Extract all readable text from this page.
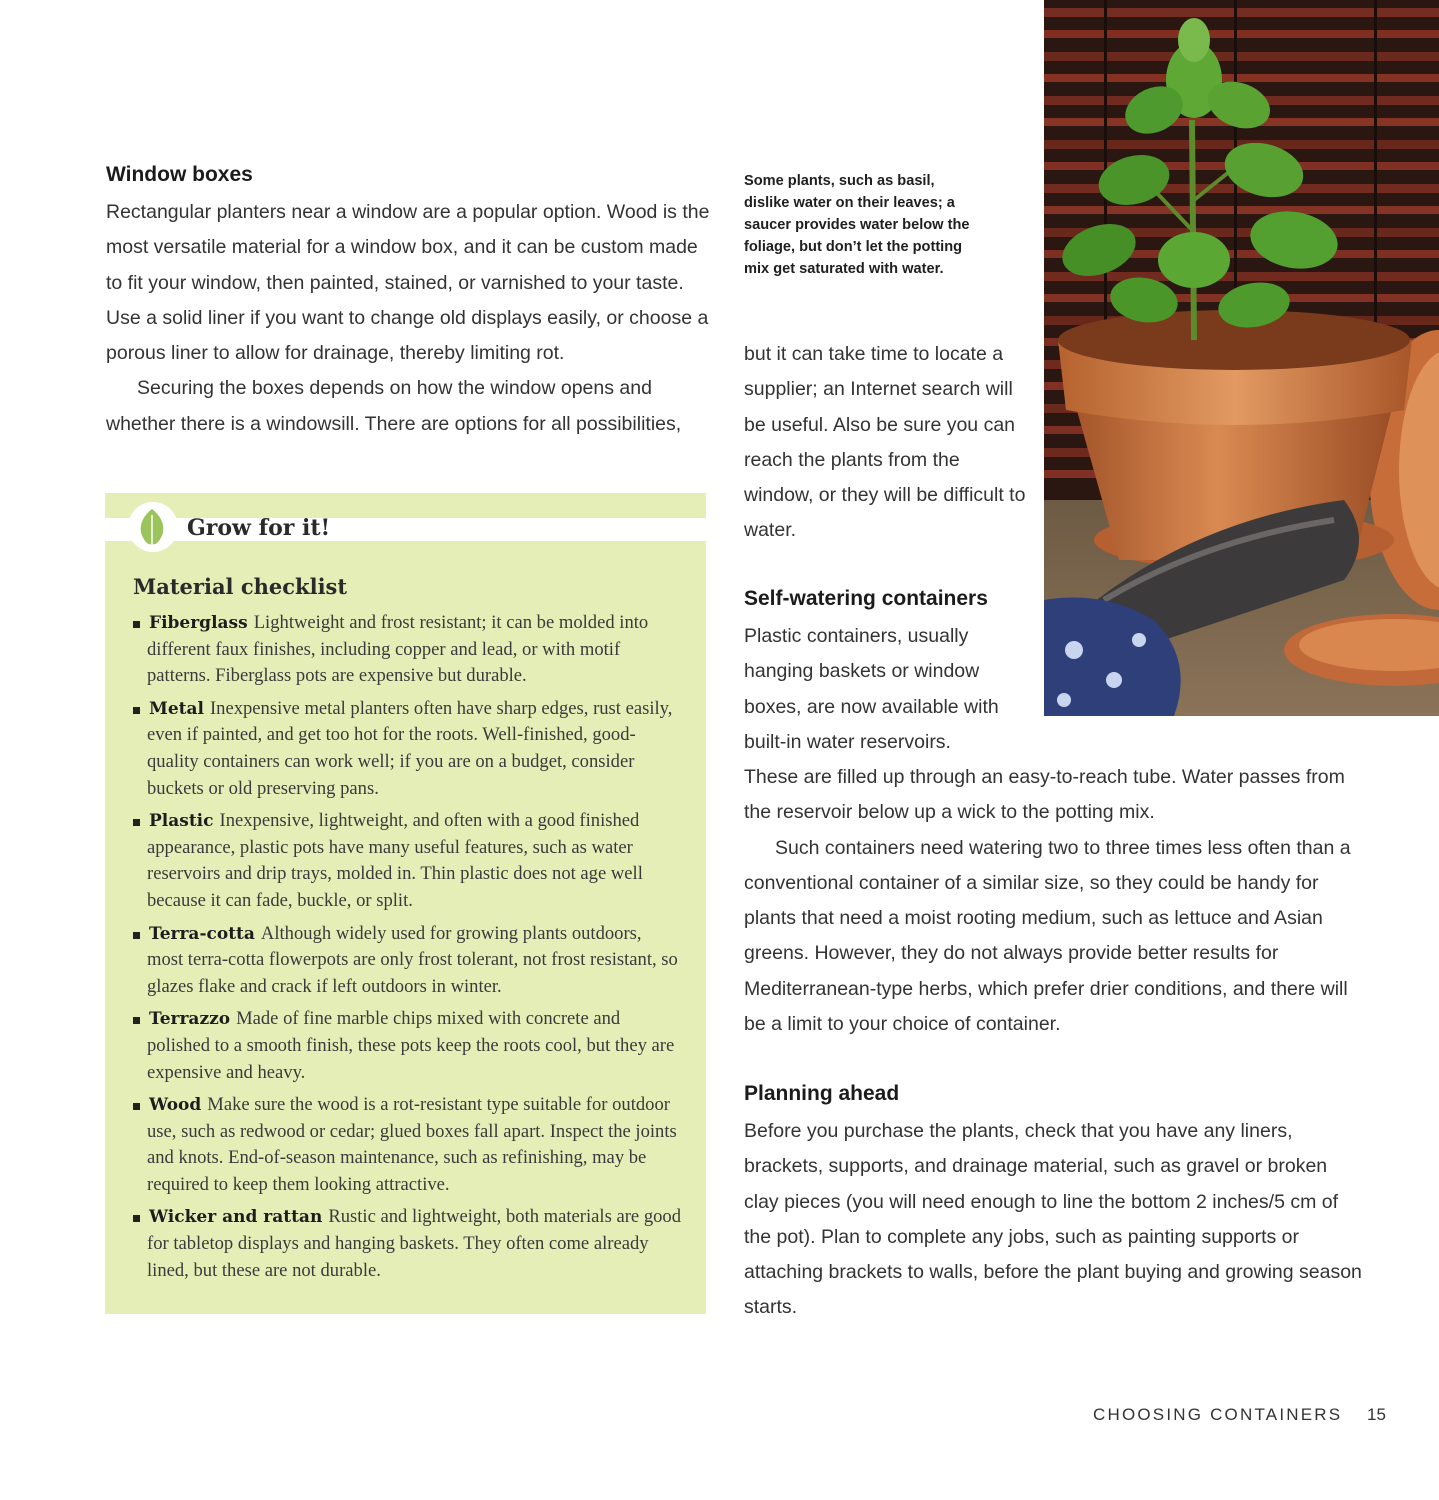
Window boxes

Rectangular planters near a window are a popular option. Wood is the most versatile material for a window box, and it can be custom made to fit your window, then painted, stained, or varnished to your taste. Use a solid liner if you want to change old displays easily, or choose a porous liner to allow for drainage, thereby limiting rot.

Securing the boxes depends on how the window opens and whether there is a windowsill. There are options for all possibilities,

Some plants, such as basil, dislike water on their leaves; a saucer provides water below the foliage, but don’t let the potting mix get saturated with water.

but it can take time to locate a supplier; an Internet search will be useful. Also be sure you can reach the plants from the window, or they will be difficult to water.

Self-watering containers

Plastic containers, usually hanging baskets or window boxes, are now available with built-in water reservoirs.

These are filled up through an easy-to-reach tube. Water passes from the reservoir below up a wick to the potting mix.

Such containers need watering two to three times less often than a conventional container of a similar size, so they could be handy for plants that need a moist rooting medium, such as lettuce and Asian greens. However, they do not always provide better results for Mediterranean-type herbs, which prefer drier conditions, and there will be a limit to your choice of container.

Planning ahead

Before you purchase the plants, check that you have any liners, brackets, supports, and drainage material, such as gravel or broken clay pieces (you will need enough to line the bottom 2 inches/5 cm of the pot). Plan to complete any jobs, such as painting supports or attaching brackets to walls, before the plant buying and growing season starts.

Grow for it!
Material checklist
Fiberglass Lightweight and frost resistant; it can be molded into different faux finishes, including copper and lead, or with motif patterns. Fiberglass pots are expensive but durable.
Metal Inexpensive metal planters often have sharp edges, rust easily, even if painted, and get too hot for the roots. Well-finished, good-quality containers can work well; if you are on a budget, consider buckets or old preserving pans.
Plastic Inexpensive, lightweight, and often with a good finished appearance, plastic pots have many useful features, such as water reservoirs and drip trays, molded in. Thin plastic does not age well because it can fade, buckle, or split.
Terra-cotta Although widely used for growing plants outdoors, most terra-cotta flowerpots are only frost tolerant, not frost resistant, so glazes flake and crack if left outdoors in winter.
Terrazzo Made of fine marble chips mixed with concrete and polished to a smooth finish, these pots keep the roots cool, but they are expensive and heavy.
Wood Make sure the wood is a rot-resistant type suitable for outdoor use, such as redwood or cedar; glued boxes fall apart. Inspect the joints and knots. End-of-season maintenance, such as refinishing, may be required to keep them looking attractive.
Wicker and rattan Rustic and lightweight, both materials are good for tabletop displays and hanging baskets. They often come already lined, but these are not durable.

CHOOSING CONTAINERS 15
